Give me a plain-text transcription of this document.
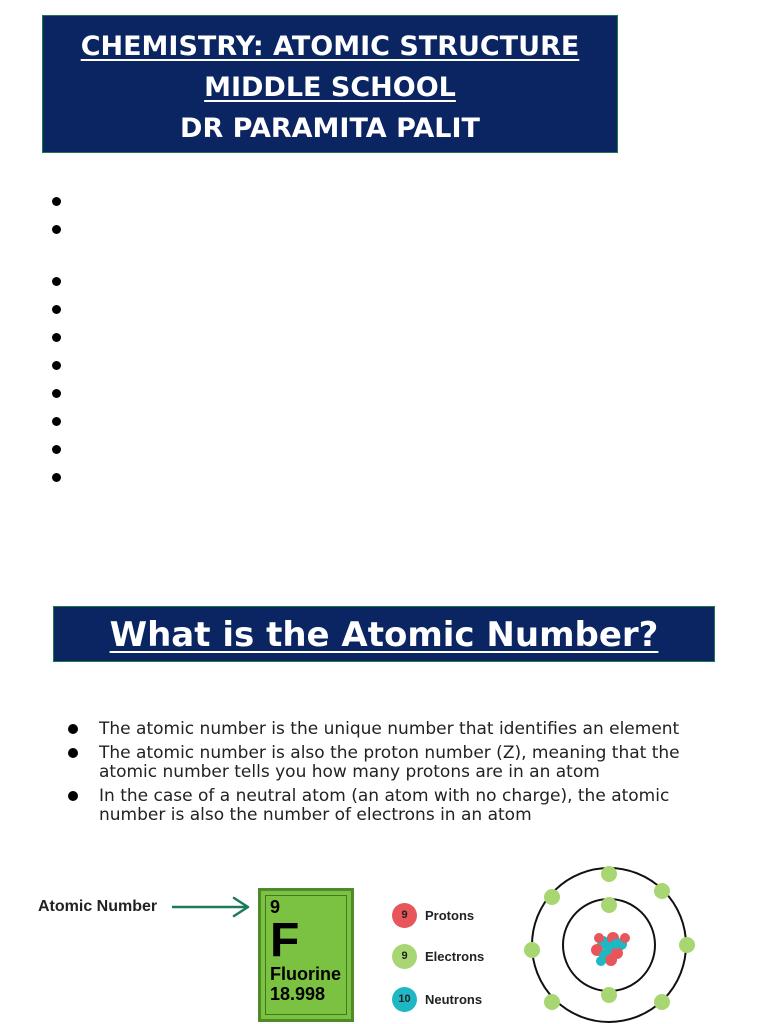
CHEMISTRY: ATOMIC STRUCTURE
MIDDLE SCHOOL
DR PARAMITA PALIT
What is the Atomic Number?
The atomic number is the unique number that identifies an element
The atomic number is also the proton number (Z), meaning that the atomic number tells you how many protons are in an atom
In the case of a neutral atom (an atom with no charge), the atomic number is also the number of electrons in an atom
Atomic Number	9
F
Fluorine
18.998
9	Protons
9	Electrons
10	Neutrons
